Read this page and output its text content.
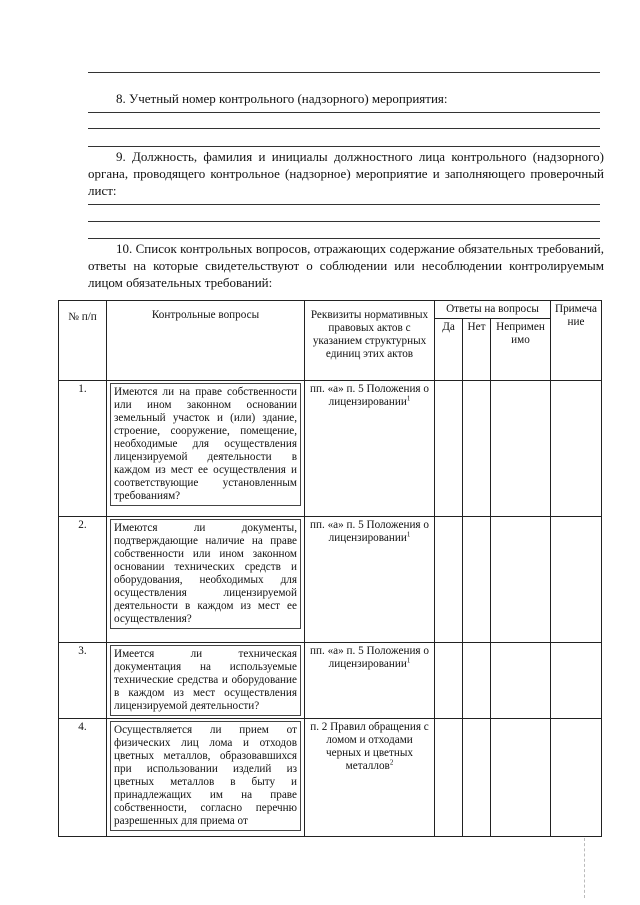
8. Учетный номер контрольного (надзорного) мероприятия:
9. Должность, фамилия и инициалы должностного лица контрольного (надзорного) органа, проводящего контрольное (надзорное) мероприятие и заполняющего проверочный лист:
10. Список контрольных вопросов, отражающих содержание обязательных требований, ответы на которые свидетельствуют о соблюдении или несоблюдении контролируемым лицом обязательных требований:
№ п/п	Контрольные вопросы	Реквизиты нормативных правовых актов с указанием структурных единиц этих актов	Ответы на вопросы			Примечание
			Да	Нет	Неприменимо	
1.	Имеются ли на праве собственности или ином законном основании земельный участок и (или) здание, строение, сооружение, помещение, необходимые для осуществления лицензируемой деятельности в каждом из мест ее осуществления и соответствующие установленным требованиям?	пп. «а» п. 5 Положения о лицензировании$^1$				
2.	Имеются ли документы, подтверждающие наличие на праве собственности или ином законном основании технических средств и оборудования, необходимых для осуществления лицензируемой деятельности в каждом из мест ее осуществления?	пп. «а» п. 5 Положения о лицензировании$^1$				
3.	Имеется ли техническая документация на используемые технические средства и оборудование в каждом из мест осуществления лицензируемой деятельности?	пп. «а» п. 5 Положения о лицензировании$^1$				
4.	Осуществляется ли прием от физических лиц лома и отходов цветных металлов, образовавшихся при использовании изделий из цветных металлов в быту и принадлежащих им на праве собственности, согласно перечню разрешенных для приема от	п. 2 Правил обращения с ломом и отходами черных и цветных металлов$^2$				
